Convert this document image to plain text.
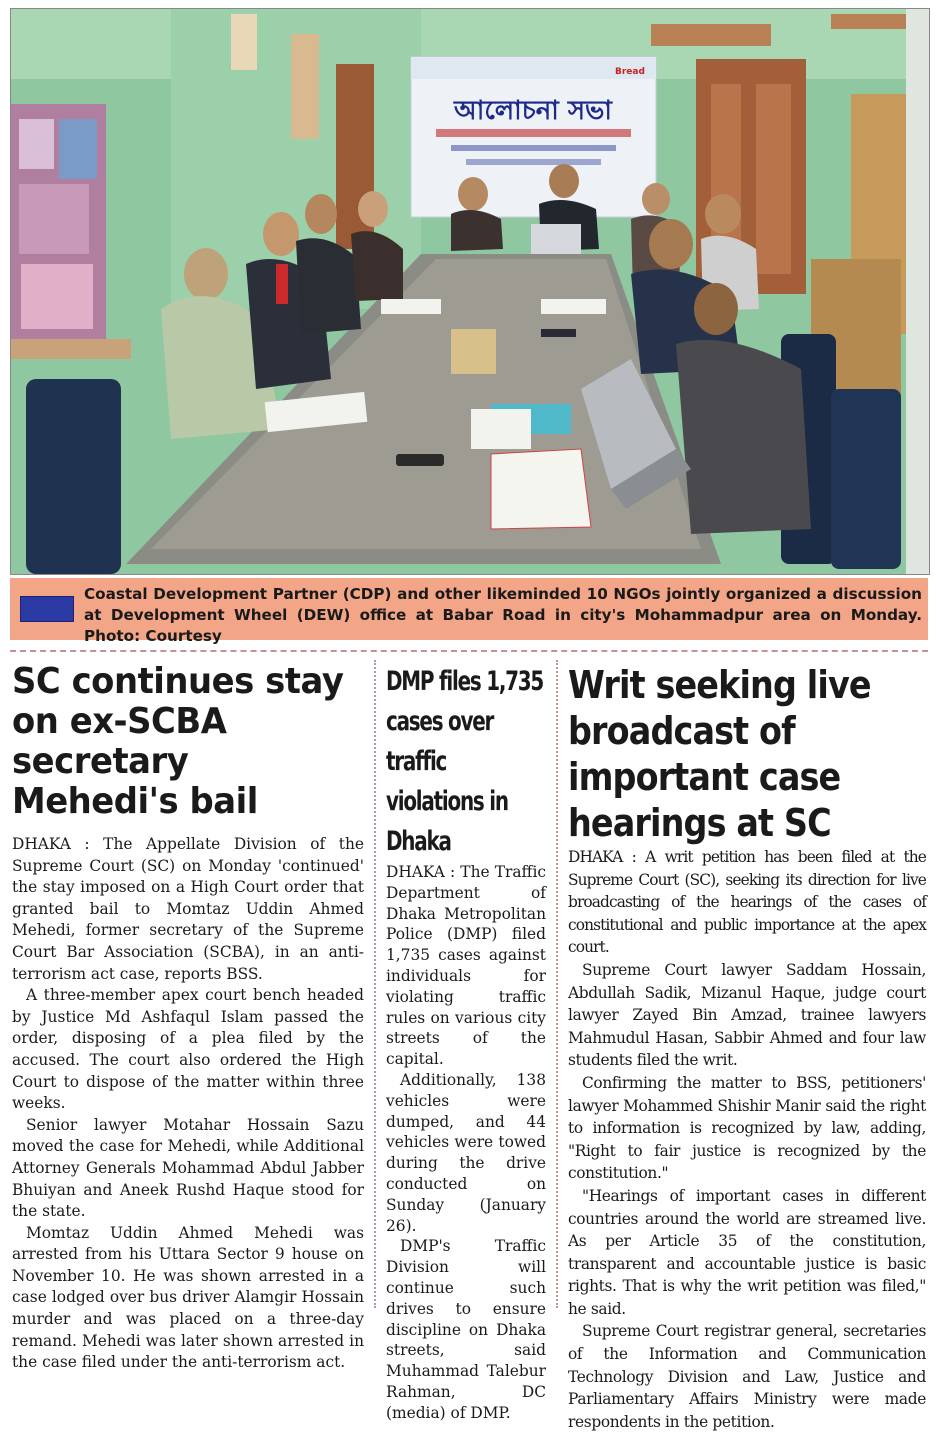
আলোচনা সভা
Bread
Coastal Development Partner (CDP) and other likeminded 10 NGOs jointly organized a discussion at Development Wheel (DEW) office at Babar Road in city's Mohammadpur area on Monday. Photo: Courtesy
SC continues stay on ex-SCBA secretary Mehedi's bail

DHAKA : The Appellate Division of the Supreme Court (SC) on Monday 'continued' the stay imposed on a High Court order that granted bail to Momtaz Uddin Ahmed Mehedi, former secretary of the Supreme Court Bar Association (SCBA), in an anti-terrorism act case, reports BSS.

A three-member apex court bench headed by Justice Md Ashfaqul Islam passed the order, disposing of a plea filed by the accused. The court also ordered the High Court to dispose of the matter within three weeks.

Senior lawyer Motahar Hossain Sazu moved the case for Mehedi, while Additional Attorney Generals Mohammad Abdul Jabber Bhuiyan and Aneek Rushd Haque stood for the state.

Momtaz Uddin Ahmed Mehedi was arrested from his Uttara Sector 9 house on November 10. He was shown arrested in a case lodged over bus driver Alamgir Hossain murder and was placed on a three-day remand. Mehedi was later shown arrested in the case filed under the anti-terrorism act.

DMP files 1,735 cases over traffic violations in Dhaka

DHAKA : The Traffic Department of Dhaka Metropolitan Police (DMP) filed 1,735 cases against individuals for violating traffic rules on various city streets of the capital.

Additionally, 138 vehicles were dumped, and 44 vehicles were towed during the drive conducted on Sunday (January 26).

DMP's Traffic Division will continue such drives to ensure discipline on Dhaka streets, said Muhammad Talebur Rahman, DC (media) of DMP.

Writ seeking live broadcast of important case hearings at SC

DHAKA : A writ petition has been filed at the Supreme Court (SC), seeking its direction for live broadcasting of the hearings of the cases of constitutional and public importance at the apex court.

Supreme Court lawyer Saddam Hossain, Abdullah Sadik, Mizanul Haque, judge court lawyer Zayed Bin Amzad, trainee lawyers Mahmudul Hasan, Sabbir Ahmed and four law students filed the writ.

Confirming the matter to BSS, petitioners' lawyer Mohammed Shishir Manir said the right to information is recognized by law, adding, "Right to fair justice is recognized by the constitution."

"Hearings of important cases in different countries around the world are streamed live. As per Article 35 of the constitution, transparent and accountable justice is basic rights. That is why the writ petition was filed," he said.

Supreme Court registrar general, secretaries of the Information and Communication Technology Division and Law, Justice and Parliamentary Affairs Ministry were made respondents in the petition.
